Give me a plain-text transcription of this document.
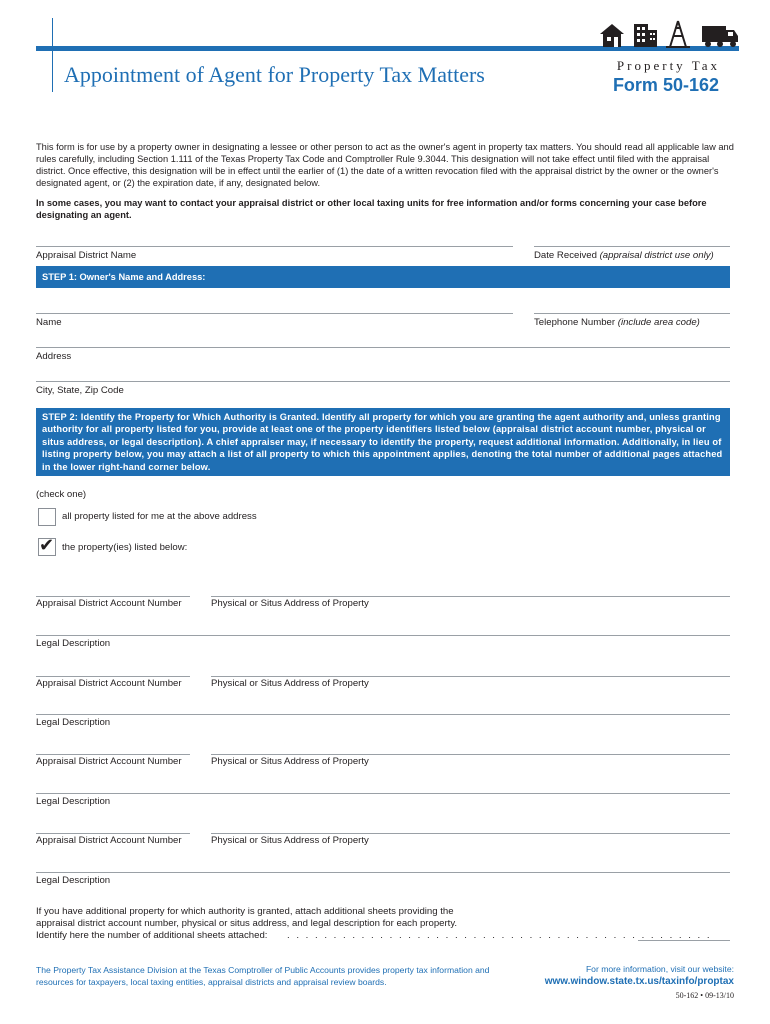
Appointment of Agent for Property Tax Matters	Property Tax
Form 50-162
This form is for use by a property owner in designating a lessee or other person to act as the owner's agent in property tax matters. You should read all applicable law and rules carefully, including Section 1.111 of the Texas Property Tax Code and Comptroller Rule 9.3044. This designation will not take effect until filed with the appraisal district. Once effective, this designation will be in effect until the earlier of (1) the date of a written revocation filed with the appraisal district by the owner or the owner's designated agent, or (2) the expiration date, if any, designated below.
In some cases, you may want to contact your appraisal district or other local taxing units for free information and/or forms concerning your case before designating an agent.
Appraisal District Name	Date Received (appraisal district use only)
STEP 1: Owner's Name and Address:
Name	Telephone Number (include area code)
Address
City, State, Zip Code
STEP 2: Identify the Property for Which Authority is Granted. Identify all property for which you are granting the agent authority and, unless granting authority for all property listed for you, provide at least one of the property identifiers listed below (appraisal district account number, physical or situs address, or legal description). A chief appraiser may, if necessary to identify the property, request additional information. Additionally, in lieu of listing property below, you may attach a list of all property to which this appointment applies, denoting the total number of additional pages attached in the lower right-hand corner below.
(check one)
all property listed for me at the above address
✔ the property(ies) listed below:
Appraisal District Account Number	Physical or Situs Address of Property
Legal Description
Appraisal District Account Number	Physical or Situs Address of Property
Legal Description
Appraisal District Account Number	Physical or Situs Address of Property
Legal Description
Appraisal District Account Number	Physical or Situs Address of Property
Legal Description
If you have additional property for which authority is granted, attach additional sheets providing the
appraisal district account number, physical or situs address, and legal description for each property.
Identify here the number of additional sheets attached: . . . . . . . . . . . . . . . . . . . . . . . . . . . . . . . . . . . . . . . . . . . . . .
The Property Tax Assistance Division at the Texas Comptroller of Public Accounts provides property tax information and resources for taxpayers, local taxing entities, appraisal districts and appraisal review boards.
For more information, visit our website:
www.window.state.tx.us/taxinfo/proptax
50-162 • 09-13/10
